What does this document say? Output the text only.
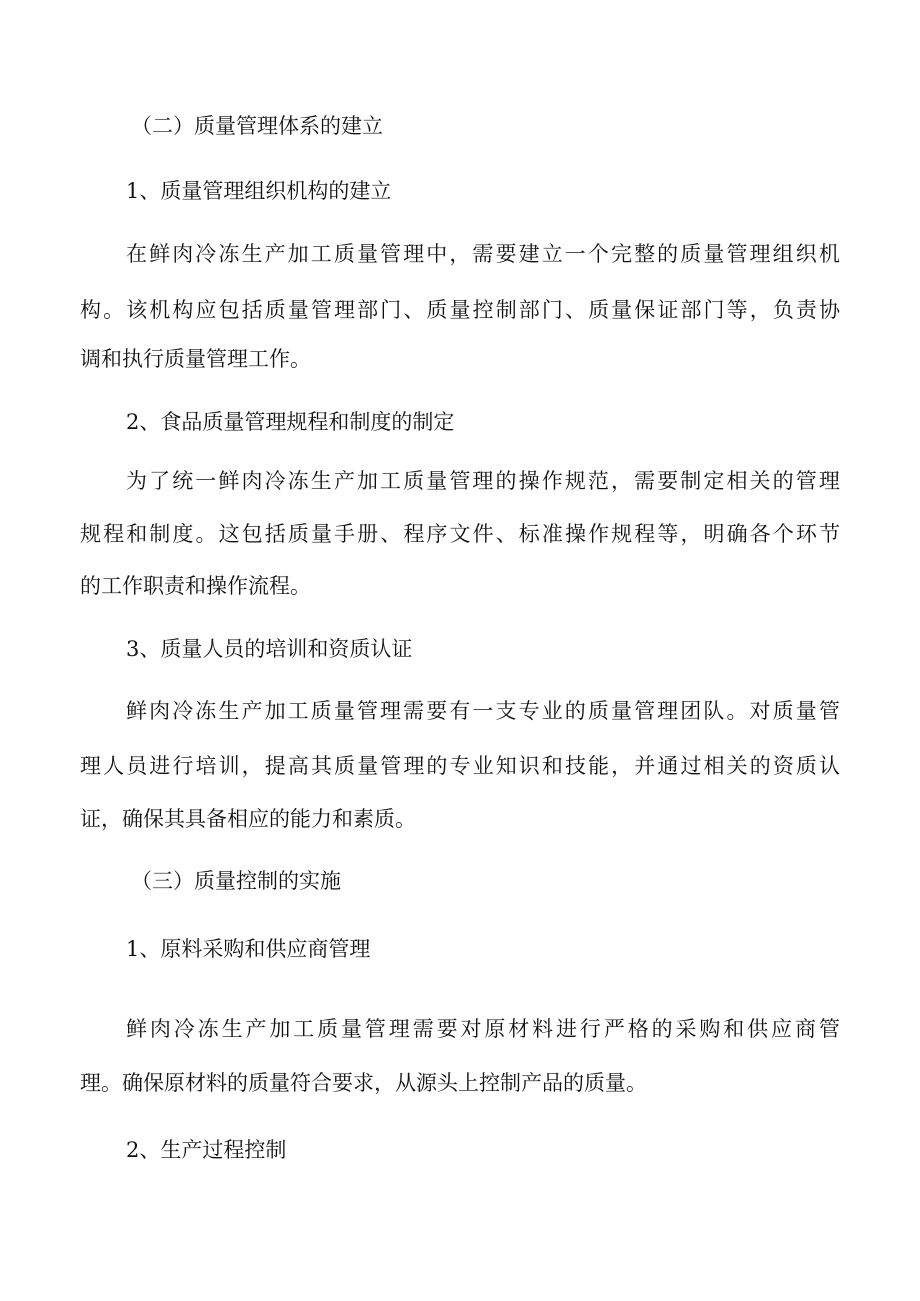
（二）质量管理体系的建立
1、质量管理组织机构的建立
在 鲜 肉 冷 冻 生 产 加 工 质 量 管 理 中 ， 需 要 建 立 一 个 完 整 的 质 量 管 理 组 织 机
构 。 该 机 构 应 包 括 质 量 管 理 部 门 、 质 量 控 制 部 门 、 质 量 保 证 部 门 等 ， 负 责 协
调和执行质量管理工作。
2、食品质量管理规程和制度的制定
为 了 统 一 鲜 肉 冷 冻 生 产 加 工 质 量 管 理 的 操 作 规 范 ， 需 要 制 定 相 关 的 管 理
规 程 和 制 度 。 这 包 括 质 量 手 册 、 程 序 文 件 、 标 准 操 作 规 程 等 ， 明 确 各 个 环 节
的工作职责和操作流程。
3、质量人员的培训和资质认证
鲜 肉 冷 冻 生 产 加 工 质 量 管 理 需 要 有 一 支 专 业 的 质 量 管 理 团 队 。 对 质 量 管
理 人 员 进 行 培 训 ， 提 高 其 质 量 管 理 的 专 业 知 识 和 技 能 ， 并 通 过 相 关 的 资 质 认
证，确保其具备相应的能力和素质。
（三）质量控制的实施
1、原料采购和供应商管理
鲜 肉 冷 冻 生 产 加 工 质 量 管 理 需 要 对 原 材 料 进 行 严 格 的 采 购 和 供 应 商 管
理。确保原材料的质量符合要求，从源头上控制产品的质量。
2、生产过程控制
